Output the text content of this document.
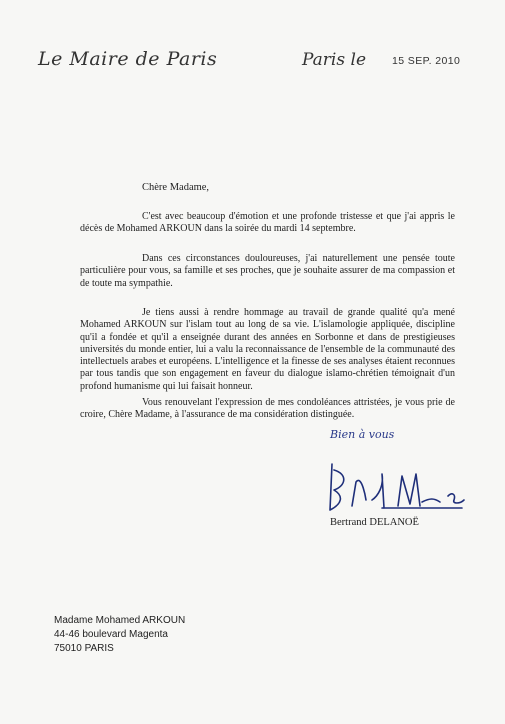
Le Maire de Paris	Paris le 15 SEP. 2010
Chère Madame,

C'est avec beaucoup d'émotion et une profonde tristesse et que j'ai appris le décès de Mohamed ARKOUN dans la soirée du mardi 14 septembre.

Dans ces circonstances douloureuses, j'ai naturellement une pensée toute particulière pour vous, sa famille et ses proches, que je souhaite assurer de ma compassion et de toute ma sympathie.

Je tiens aussi à rendre hommage au travail de grande qualité qu'a mené Mohamed ARKOUN sur l'islam tout au long de sa vie. L'islamologie appliquée, discipline qu'il a fondée et qu'il a enseignée durant des années en Sorbonne et dans de prestigieuses universités du monde entier, lui a valu la reconnaissance de l'ensemble de la communauté des intellectuels arabes et européens. L'intelligence et la finesse de ses analyses étaient reconnues par tous tandis que son engagement en faveur du dialogue islamo-chrétien témoignait d'un profond humanisme qui lui faisait honneur.

Vous renouvelant l'expression de mes condoléances attristées, je vous prie de croire, Chère Madame, à l'assurance de ma considération distinguée.

Bien à vous
Bertrand DELANOË
Madame Mohamed ARKOUN
44-46 boulevard Magenta
75010 PARIS
